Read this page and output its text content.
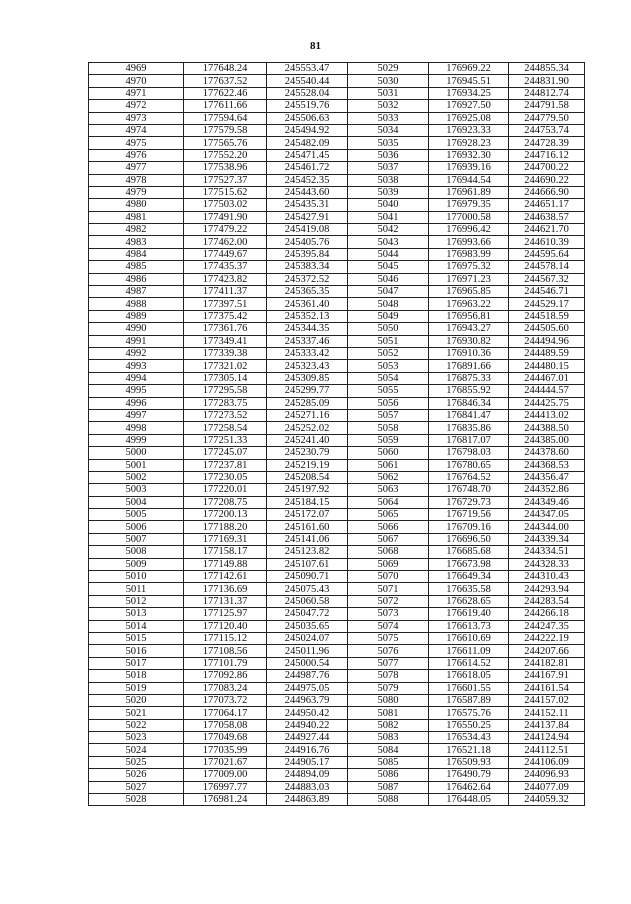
81
4969	177648.24	245553.47	5029	176969.22	244855.34
4970	177637.52	245540.44	5030	176945.51	244831.90
4971	177622.46	245528.04	5031	176934.25	244812.74
4972	177611.66	245519.76	5032	176927.50	244791.58
4973	177594.64	245506.63	5033	176925.08	244779.50
4974	177579.58	245494.92	5034	176923.33	244753.74
4975	177565.76	245482.09	5035	176928.23	244728.39
4976	177552.20	245471.45	5036	176932.30	244716.12
4977	177538.96	245461.72	5037	176939.16	244700.22
4978	177527.37	245452.35	5038	176944.54	244690.22
4979	177515.62	245443.60	5039	176961.89	244666.90
4980	177503.02	245435.31	5040	176979.35	244651.17
4981	177491.90	245427.91	5041	177000.58	244638.57
4982	177479.22	245419.08	5042	176996.42	244621.70
4983	177462.00	245405.76	5043	176993.66	244610.39
4984	177449.67	245395.84	5044	176983.99	244595.64
4985	177435.37	245383.34	5045	176975.32	244578.14
4986	177423.82	245372.52	5046	176971.23	244567.32
4987	177411.37	245365.35	5047	176965.85	244546.71
4988	177397.51	245361.40	5048	176963.22	244529.17
4989	177375.42	245352.13	5049	176956.81	244518.59
4990	177361.76	245344.35	5050	176943.27	244505.60
4991	177349.41	245337.46	5051	176930.82	244494.96
4992	177339.38	245333.42	5052	176910.36	244489.59
4993	177321.02	245323.43	5053	176891.66	244480.15
4994	177305.14	245309.85	5054	176875.33	244467.01
4995	177295.58	245299.77	5055	176855.92	244444.57
4996	177283.75	245285.09	5056	176846.34	244425.75
4997	177273.52	245271.16	5057	176841.47	244413.02
4998	177258.54	245252.02	5058	176835.86	244388.50
4999	177251.33	245241.40	5059	176817.07	244385.00
5000	177245.07	245230.79	5060	176798.03	244378.60
5001	177237.81	245219.19	5061	176780.65	244368.53
5002	177230.05	245208.54	5062	176764.52	244356.47
5003	177220.01	245197.92	5063	176748.70	244352.86
5004	177208.75	245184.15	5064	176729.73	244349.46
5005	177200.13	245172.07	5065	176719.56	244347.05
5006	177188.20	245161.60	5066	176709.16	244344.00
5007	177169.31	245141.06	5067	176696.50	244339.34
5008	177158.17	245123.82	5068	176685.68	244334.51
5009	177149.88	245107.61	5069	176673.98	244328.33
5010	177142.61	245090.71	5070	176649.34	244310.43
5011	177136.69	245075.43	5071	176635.58	244293.94
5012	177131.37	245060.58	5072	176628.65	244283.54
5013	177125.97	245047.72	5073	176619.40	244266.18
5014	177120.40	245035.65	5074	176613.73	244247.35
5015	177115.12	245024.07	5075	176610.69	244222.19
5016	177108.56	245011.96	5076	176611.09	244207.66
5017	177101.79	245000.54	5077	176614.52	244182.81
5018	177092.86	244987.76	5078	176618.05	244167.91
5019	177083.24	244975.05	5079	176601.55	244161.54
5020	177073.72	244963.79	5080	176587.89	244157.02
5021	177064.17	244950.42	5081	176575.76	244152.11
5022	177058.08	244940.22	5082	176550.25	244137.84
5023	177049.68	244927.44	5083	176534.43	244124.94
5024	177035.99	244916.76	5084	176521.18	244112.51
5025	177021.67	244905.17	5085	176509.93	244106.09
5026	177009.00	244894.09	5086	176490.79	244096.93
5027	176997.77	244883.03	5087	176462.64	244077.09
5028	176981.24	244863.89	5088	176448.05	244059.32
